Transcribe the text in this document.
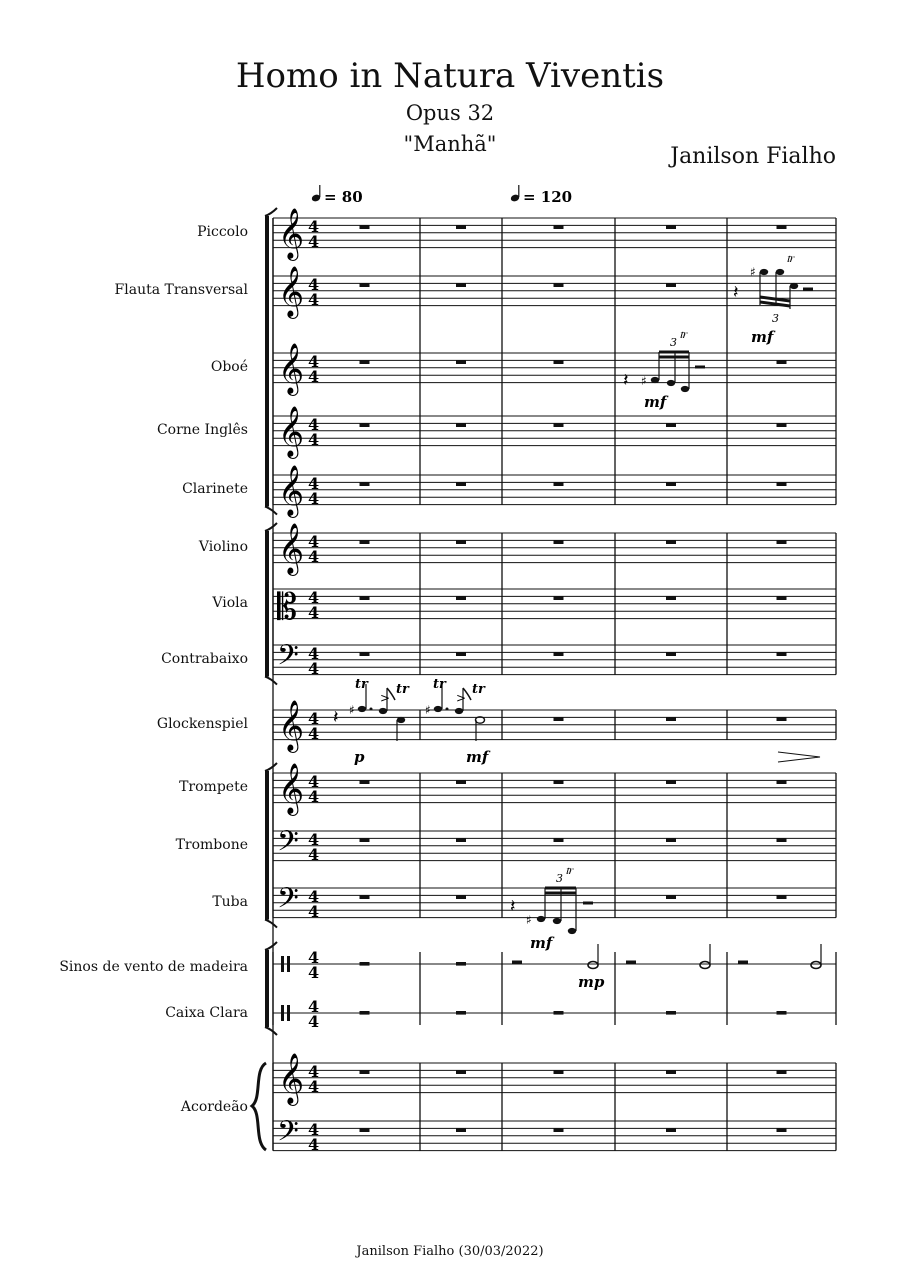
Homo in Natura Viventis
Opus 32
"Manhã"	Janilson Fialho
Piccolo
Flauta Transversal
Oboé
Corne Inglês
Clarinete
Violino
Viola
Contrabaixo
Glockenspiel
Trompete
Trombone
Tuba
Sinos de vento de madeira
Caixa Clara
Acordeão
𝄞
𝄞
𝄞
𝄞
𝄞
𝄞
𝄡
𝄢
𝄞
𝄞
𝄢
𝄢
𝄞
𝄢
4
4
4
4
4
4
4
4
4
4
4
4
4
4
4
4
4
4
4
4
4
4
4
4
4
4
4
4
4
4
4
4
= 80	= 120
𝄽 ♯
3
𝆖
mf
𝄽
♯
3
𝆖
mf
𝄽
♯
3
𝆖
mf
𝄽 ♯
tr
>
tr
p
♯
tr
>
tr
mf
mp
Janilson Fialho (30/03/2022)
